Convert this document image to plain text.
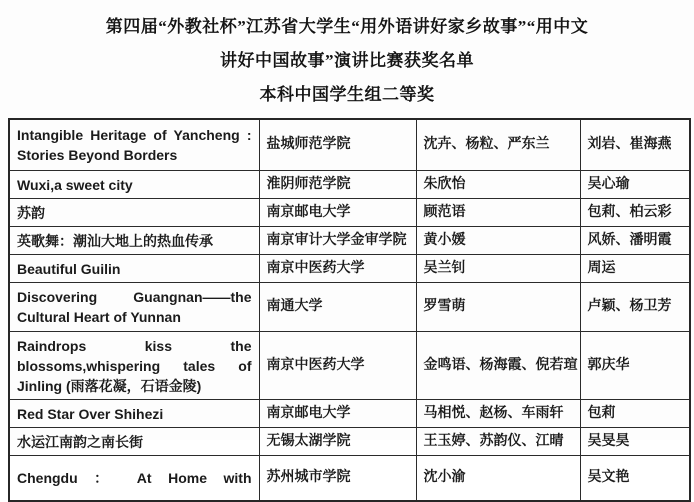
第四届“外教社杯”江苏省大学生“用外语讲好家乡故事”“用中文
讲好中国故事”演讲比赛获奖名单
本科中国学生组二等奖
Intangible Heritage of Yancheng : Stories Beyond Borders	盐城师范学院	沈卉、杨粒、严东兰	刘岩、崔海燕
Wuxi,a sweet city	淮阴师范学院	朱欣怡	吴心瑜
苏韵	南京邮电大学	顾范语	包莉、柏云彩
英歌舞：潮汕大地上的热血传承	南京审计大学金审学院	黄小媛	风娇、潘明霞
Beautiful Guilin	南京中医药大学	吴兰钊	周运
Discovering Guangnan——the Cultural Heart of Yunnan	南通大学	罗雪萌	卢颖、杨卫芳
Raindrops kiss the blossoms,whispering tales of Jinling (雨落花凝，石语金陵)	南京中医药大学	金鸣语、杨海霞、倪若瑄	郭庆华
Red Star Over Shihezi	南京邮电大学	马相悦、赵杨、车雨轩	包莉
水运江南韵之南长街	无锡太湖学院	王玉婷、苏韵仪、江晴	吴旻昊
Chengdu ： At Home with	苏州城市学院	沈小渝	吴文艳
